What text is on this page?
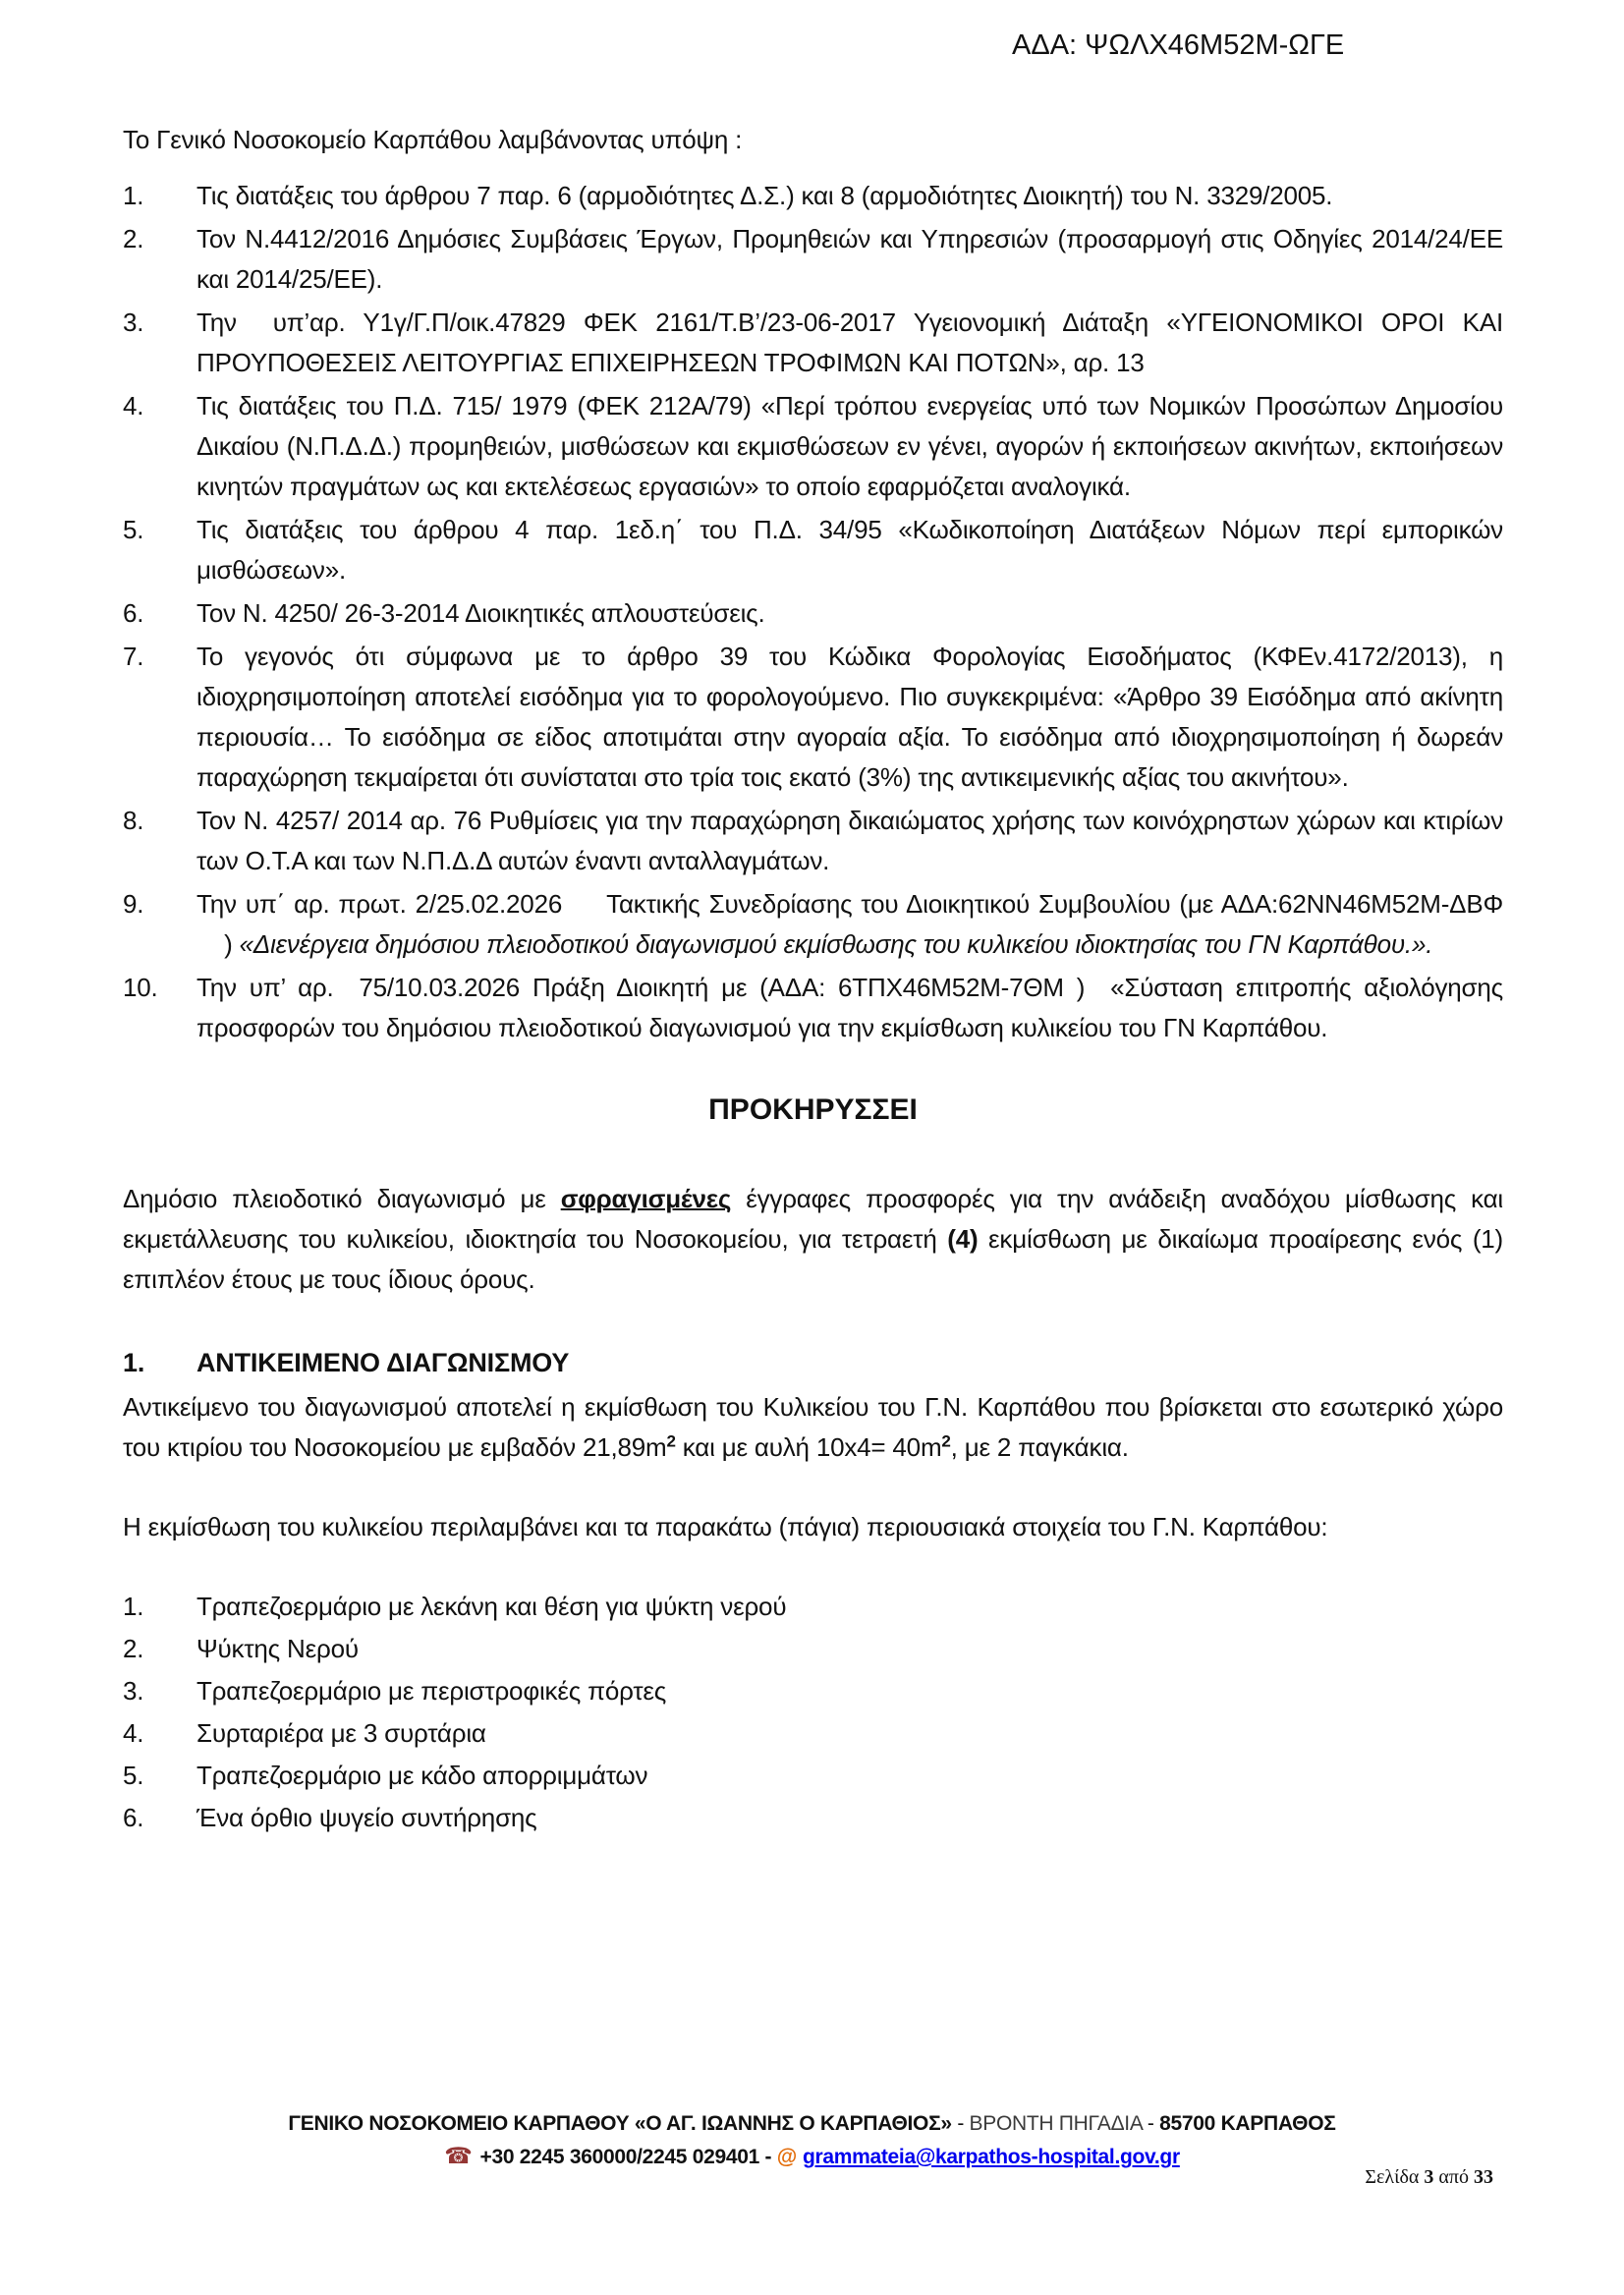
ΑΔΑ: ΨΩΛΧ46Μ52Μ-ΩΓΕ

Το Γενικό Νοσοκομείο Καρπάθου λαμβάνοντας υπόψη :

1.	Τις διατάξεις του άρθρου 7 παρ. 6 (αρμοδιότητες Δ.Σ.) και 8 (αρμοδιότητες Διοικητή) του Ν. 3329/2005.
2.	Τον Ν.4412/2016 Δημόσιες Συμβάσεις Έργων, Προμηθειών και Υπηρεσιών (προσαρμογή στις Οδηγίες 2014/24/ΕΕ και 2014/25/ΕΕ).
3.	Την  υπ’αρ. Υ1γ/Γ.Π/οικ.47829 ΦΕΚ 2161/Τ.Β’/23-06-2017 Υγειονομική Διάταξη «ΥΓΕΙΟΝΟΜΙΚΟΙ ΟΡΟΙ ΚΑΙ ΠΡΟΥΠΟΘΕΣΕΙΣ ΛΕΙΤΟΥΡΓΙΑΣ ΕΠΙΧΕΙΡΗΣΕΩΝ ΤΡΟΦΙΜΩΝ ΚΑΙ ΠΟΤΩΝ», αρ. 13
4.	Τις διατάξεις του Π.Δ. 715/ 1979 (ΦΕΚ 212Α/79) «Περί τρόπου ενεργείας υπό των Νομικών Προσώπων Δημοσίου Δικαίου (Ν.Π.Δ.Δ.) προμηθειών, μισθώσεων και εκμισθώσεων εν γένει, αγορών ή εκποιήσεων ακινήτων, εκποιήσεων κινητών πραγμάτων ως και εκτελέσεως εργασιών» το οποίο εφαρμόζεται αναλογικά.
5.	Τις διατάξεις του άρθρου 4 παρ. 1εδ.η΄ του Π.Δ. 34/95 «Κωδικοποίηση Διατάξεων Νόμων περί εμπορικών μισθώσεων».
6.	Τον Ν. 4250/ 26-3-2014 Διοικητικές απλουστεύσεις.
7.	Το γεγονός ότι σύμφωνα με το άρθρο 39 του Κώδικα Φορολογίας Εισοδήματος (ΚΦΕν.4172/2013), η ιδιοχρησιμοποίηση αποτελεί εισόδημα για το φορολογούμενο. Πιο συγκεκριμένα: «Άρθρο 39 Εισόδημα από ακίνητη περιουσία… Το εισόδημα σε είδος αποτιμάται στην αγοραία αξία. Το εισόδημα από ιδιοχρησιμοποίηση ή δωρεάν παραχώρηση τεκμαίρεται ότι συνίσταται στο τρία τοις εκατό (3%) της αντικειμενικής αξίας του ακινήτου».
8.	Τον Ν. 4257/ 2014 αρ. 76 Ρυθμίσεις για την παραχώρηση δικαιώματος χρήσης των κοινόχρηστων χώρων και κτιρίων των Ο.Τ.Α και των Ν.Π.Δ.Δ αυτών έναντι ανταλλαγμάτων.
9.	Την υπ΄ αρ. πρωτ. 2/25.02.2026     Τακτικής Συνεδρίασης του Διοικητικού Συμβουλίου (με ΑΔΑ:62ΝΝ46Μ52Μ-ΔΒΦ     ) «Διενέργεια δημόσιου πλειοδοτικού διαγωνισμού εκμίσθωσης του κυλικείου ιδιοκτησίας του ΓΝ Καρπάθου.».
10.	Την υπ’ αρ.  75/10.03.2026 Πράξη Διοικητή με (ΑΔΑ: 6ΤΠΧ46Μ52Μ-7ΘΜ )  «Σύσταση επιτροπής αξιολόγησης προσφορών του δημόσιου πλειοδοτικού διαγωνισμού για την εκμίσθωση κυλικείου του ΓΝ Καρπάθου.
ΠΡΟΚΗΡΥΣΣΕΙ

Δημόσιο πλειοδοτικό διαγωνισμό με σφραγισμένες έγγραφες προσφορές για την ανάδειξη αναδόχου μίσθωσης και εκμετάλλευσης του κυλικείου, ιδιοκτησία του Νοσοκομείου, για τετραετή (4) εκμίσθωση με δικαίωμα προαίρεσης ενός (1) επιπλέον έτους με τους ίδιους όρους.

1.	ΑΝΤΙΚΕΙΜΕΝΟ ΔΙΑΓΩΝΙΣΜΟΥ

Αντικείμενο του διαγωνισμού αποτελεί η εκμίσθωση του Κυλικείου του Γ.Ν. Καρπάθου που βρίσκεται στο εσωτερικό χώρο του κτιρίου του Νοσοκομείου με εμβαδόν $21,89m^2$ και με αυλή $10x4= 40m^2$, με 2 παγκάκια.

Η εκμίσθωση του κυλικείου περιλαμβάνει και τα παρακάτω (πάγια) περιουσιακά στοιχεία του Γ.Ν. Καρπάθου:

1.	Τραπεζοερμάριο με λεκάνη και θέση για ψύκτη νερού
2.	Ψύκτης Νερού
3.	Τραπεζοερμάριο με περιστροφικές πόρτες
4.	Συρταριέρα με 3 συρτάρια
5.	Τραπεζοερμάριο με κάδο απορριμμάτων
6.	Ένα όρθιο ψυγείο συντήρησης
ΓΕΝΙΚΟ ΝΟΣΟΚΟΜΕΙΟ ΚΑΡΠΑΘΟΥ «Ο ΑΓ. ΙΩΑΝΝΗΣ Ο ΚΑΡΠΑΘΙΟΣ» - ΒΡΟΝΤΗ ΠΗΓΑΔΙΑ - 85700 ΚΑΡΠΑΘΟΣ
☎ +30 2245 360000/2245 029401 - @ grammateia@karpathos-hospital.gov.gr
Σελίδα 3 από 33
